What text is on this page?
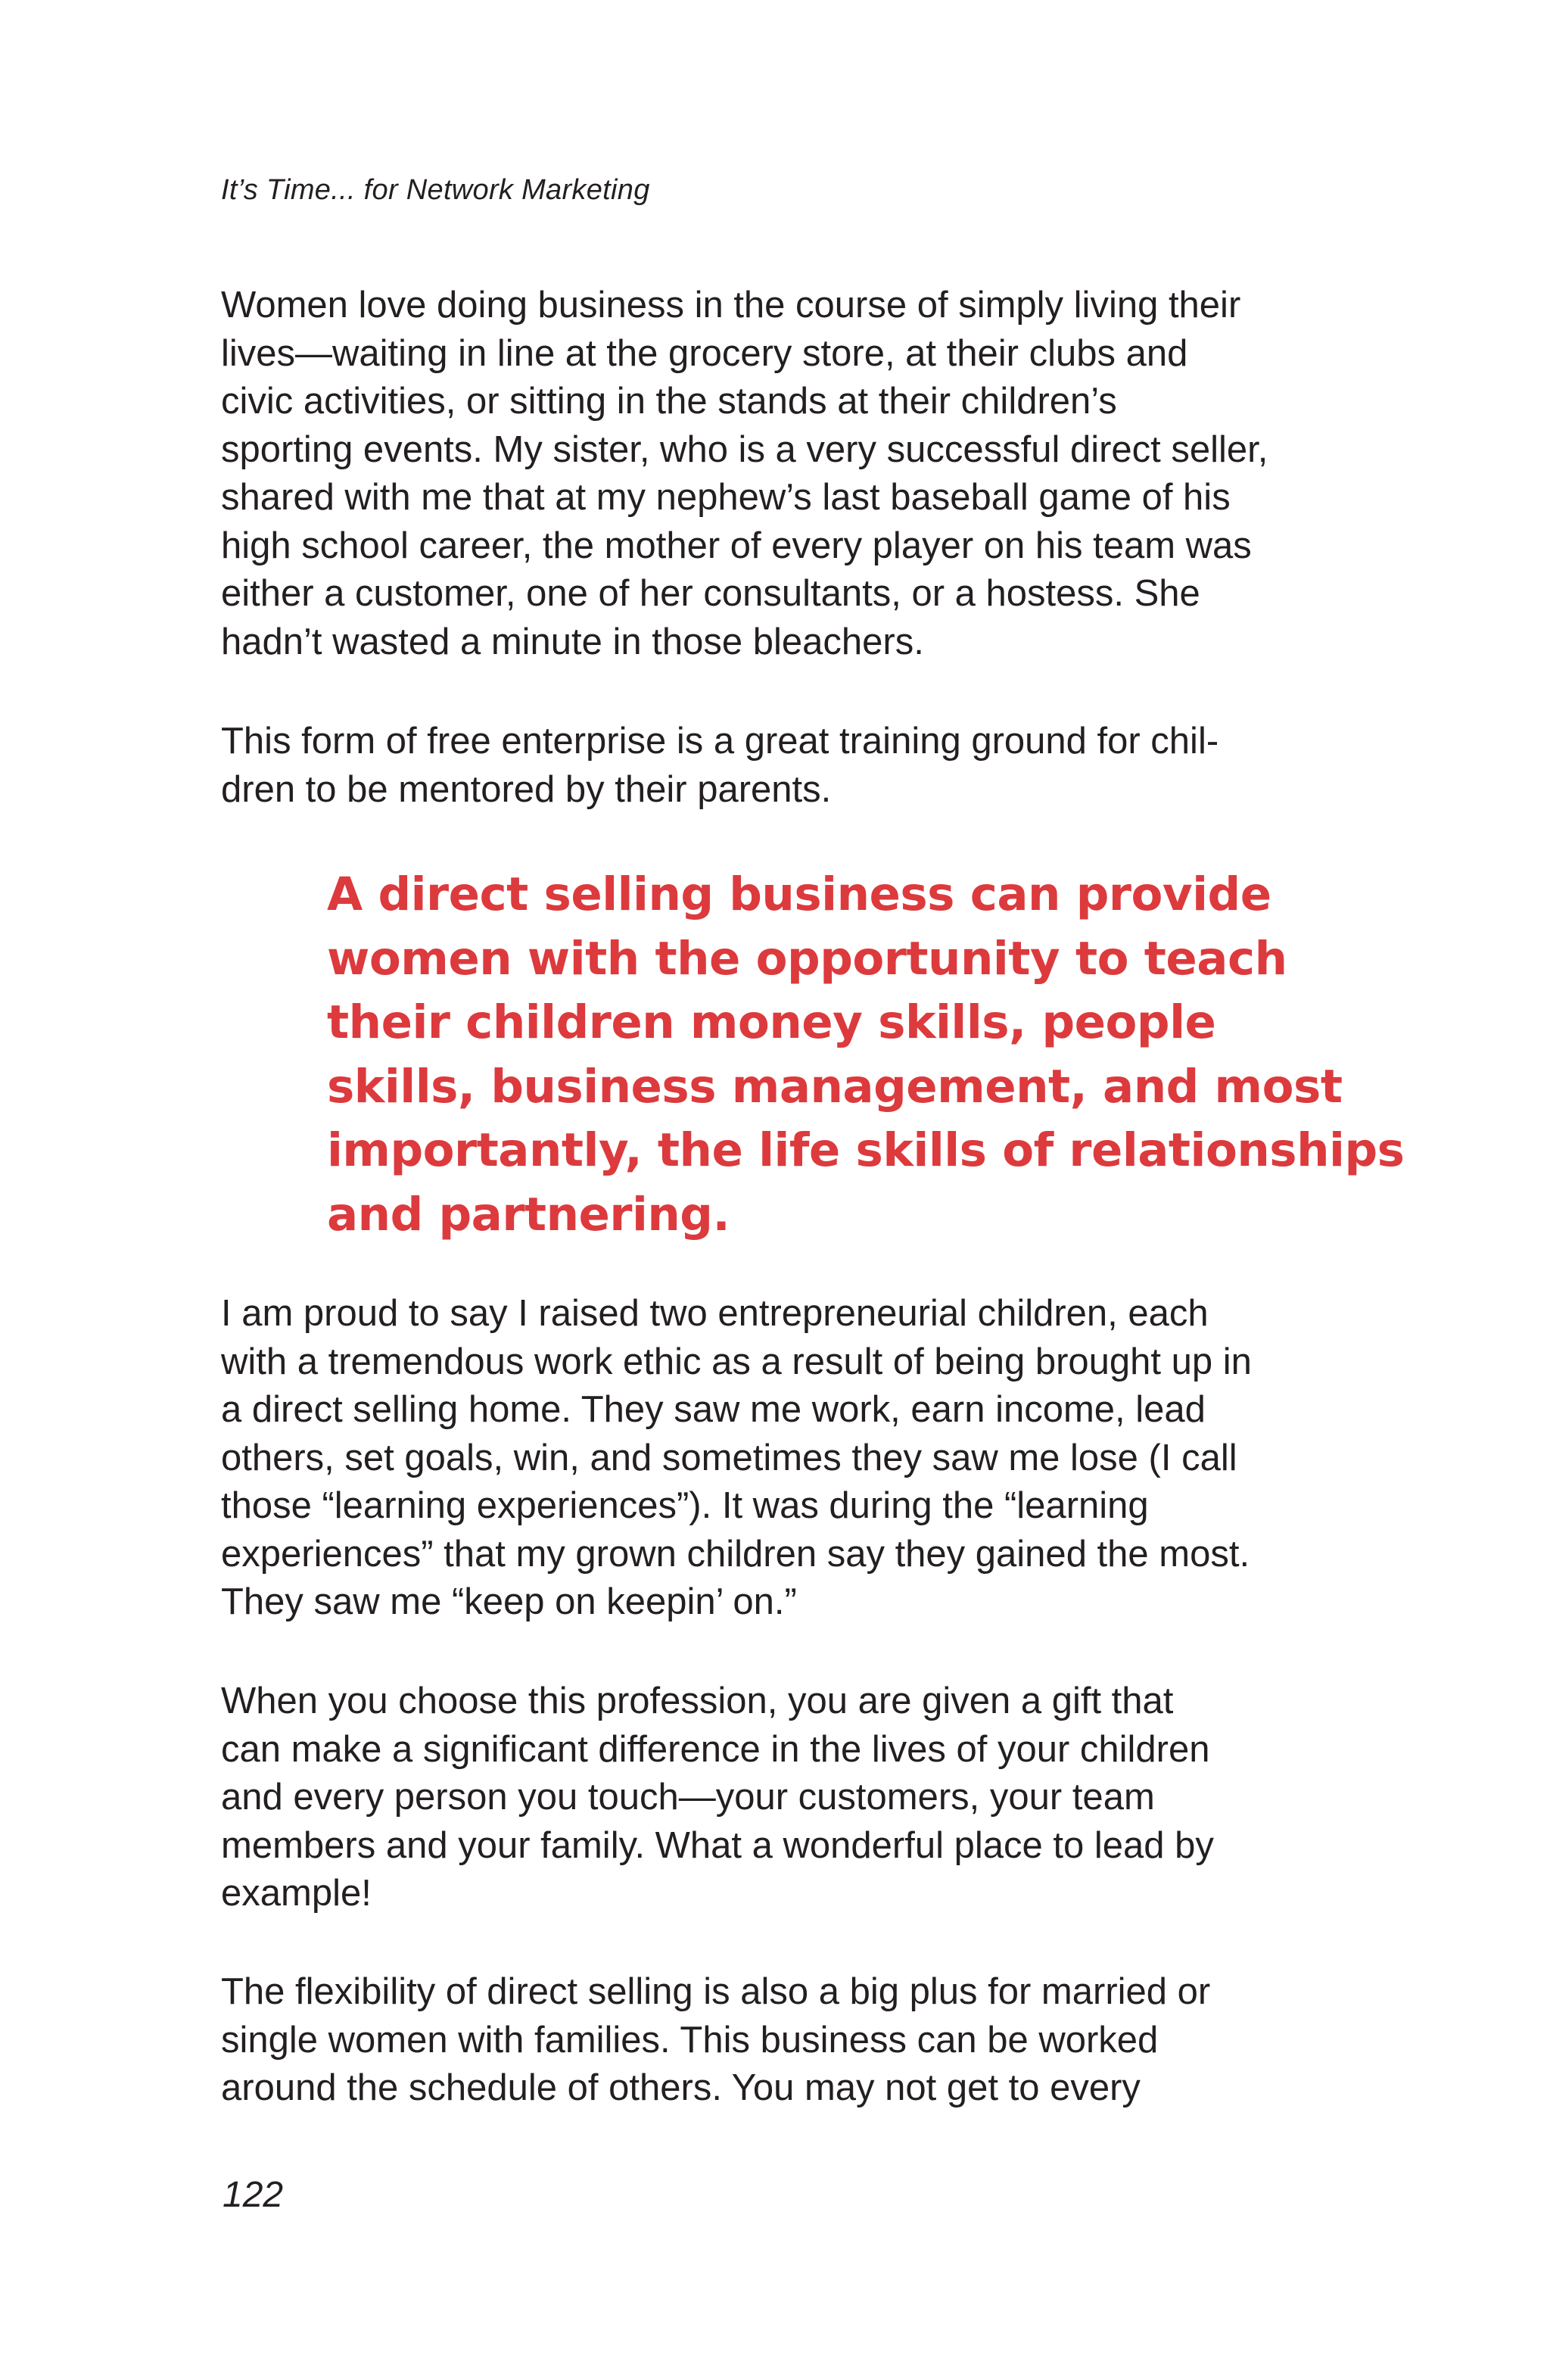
It’s Time... for Network Marketing

Women love doing business in the course of simply living their
lives—waiting in line at the grocery store, at their clubs and
civic activities, or sitting in the stands at their children’s
sporting events. My sister, who is a very successful direct seller,
shared with me that at my nephew’s last baseball game of his
high school career, the mother of every player on his team was
either a customer, one of her consultants, or a hostess. She
hadn’t wasted a minute in those bleachers.

This form of free enterprise is a great training ground for chil-
dren to be mentored by their parents.

A direct selling business can provide
women with the opportunity to teach
their children money skills, people
skills, business management, and most
importantly, the life skills of relationships
and partnering.

I am proud to say I raised two entrepreneurial children, each
with a tremendous work ethic as a result of being brought up in
a direct selling home. They saw me work, earn income, lead
others, set goals, win, and sometimes they saw me lose (I call
those “learning experiences”). It was during the “learning
experiences” that my grown children say they gained the most.
They saw me “keep on keepin’ on.”

When you choose this profession, you are given a gift that
can make a significant difference in the lives of your children
and every person you touch—your customers, your team
members and your family. What a wonderful place to lead by
example!

The flexibility of direct selling is also a big plus for married or
single women with families. This business can be worked
around the schedule of others. You may not get to every

122
